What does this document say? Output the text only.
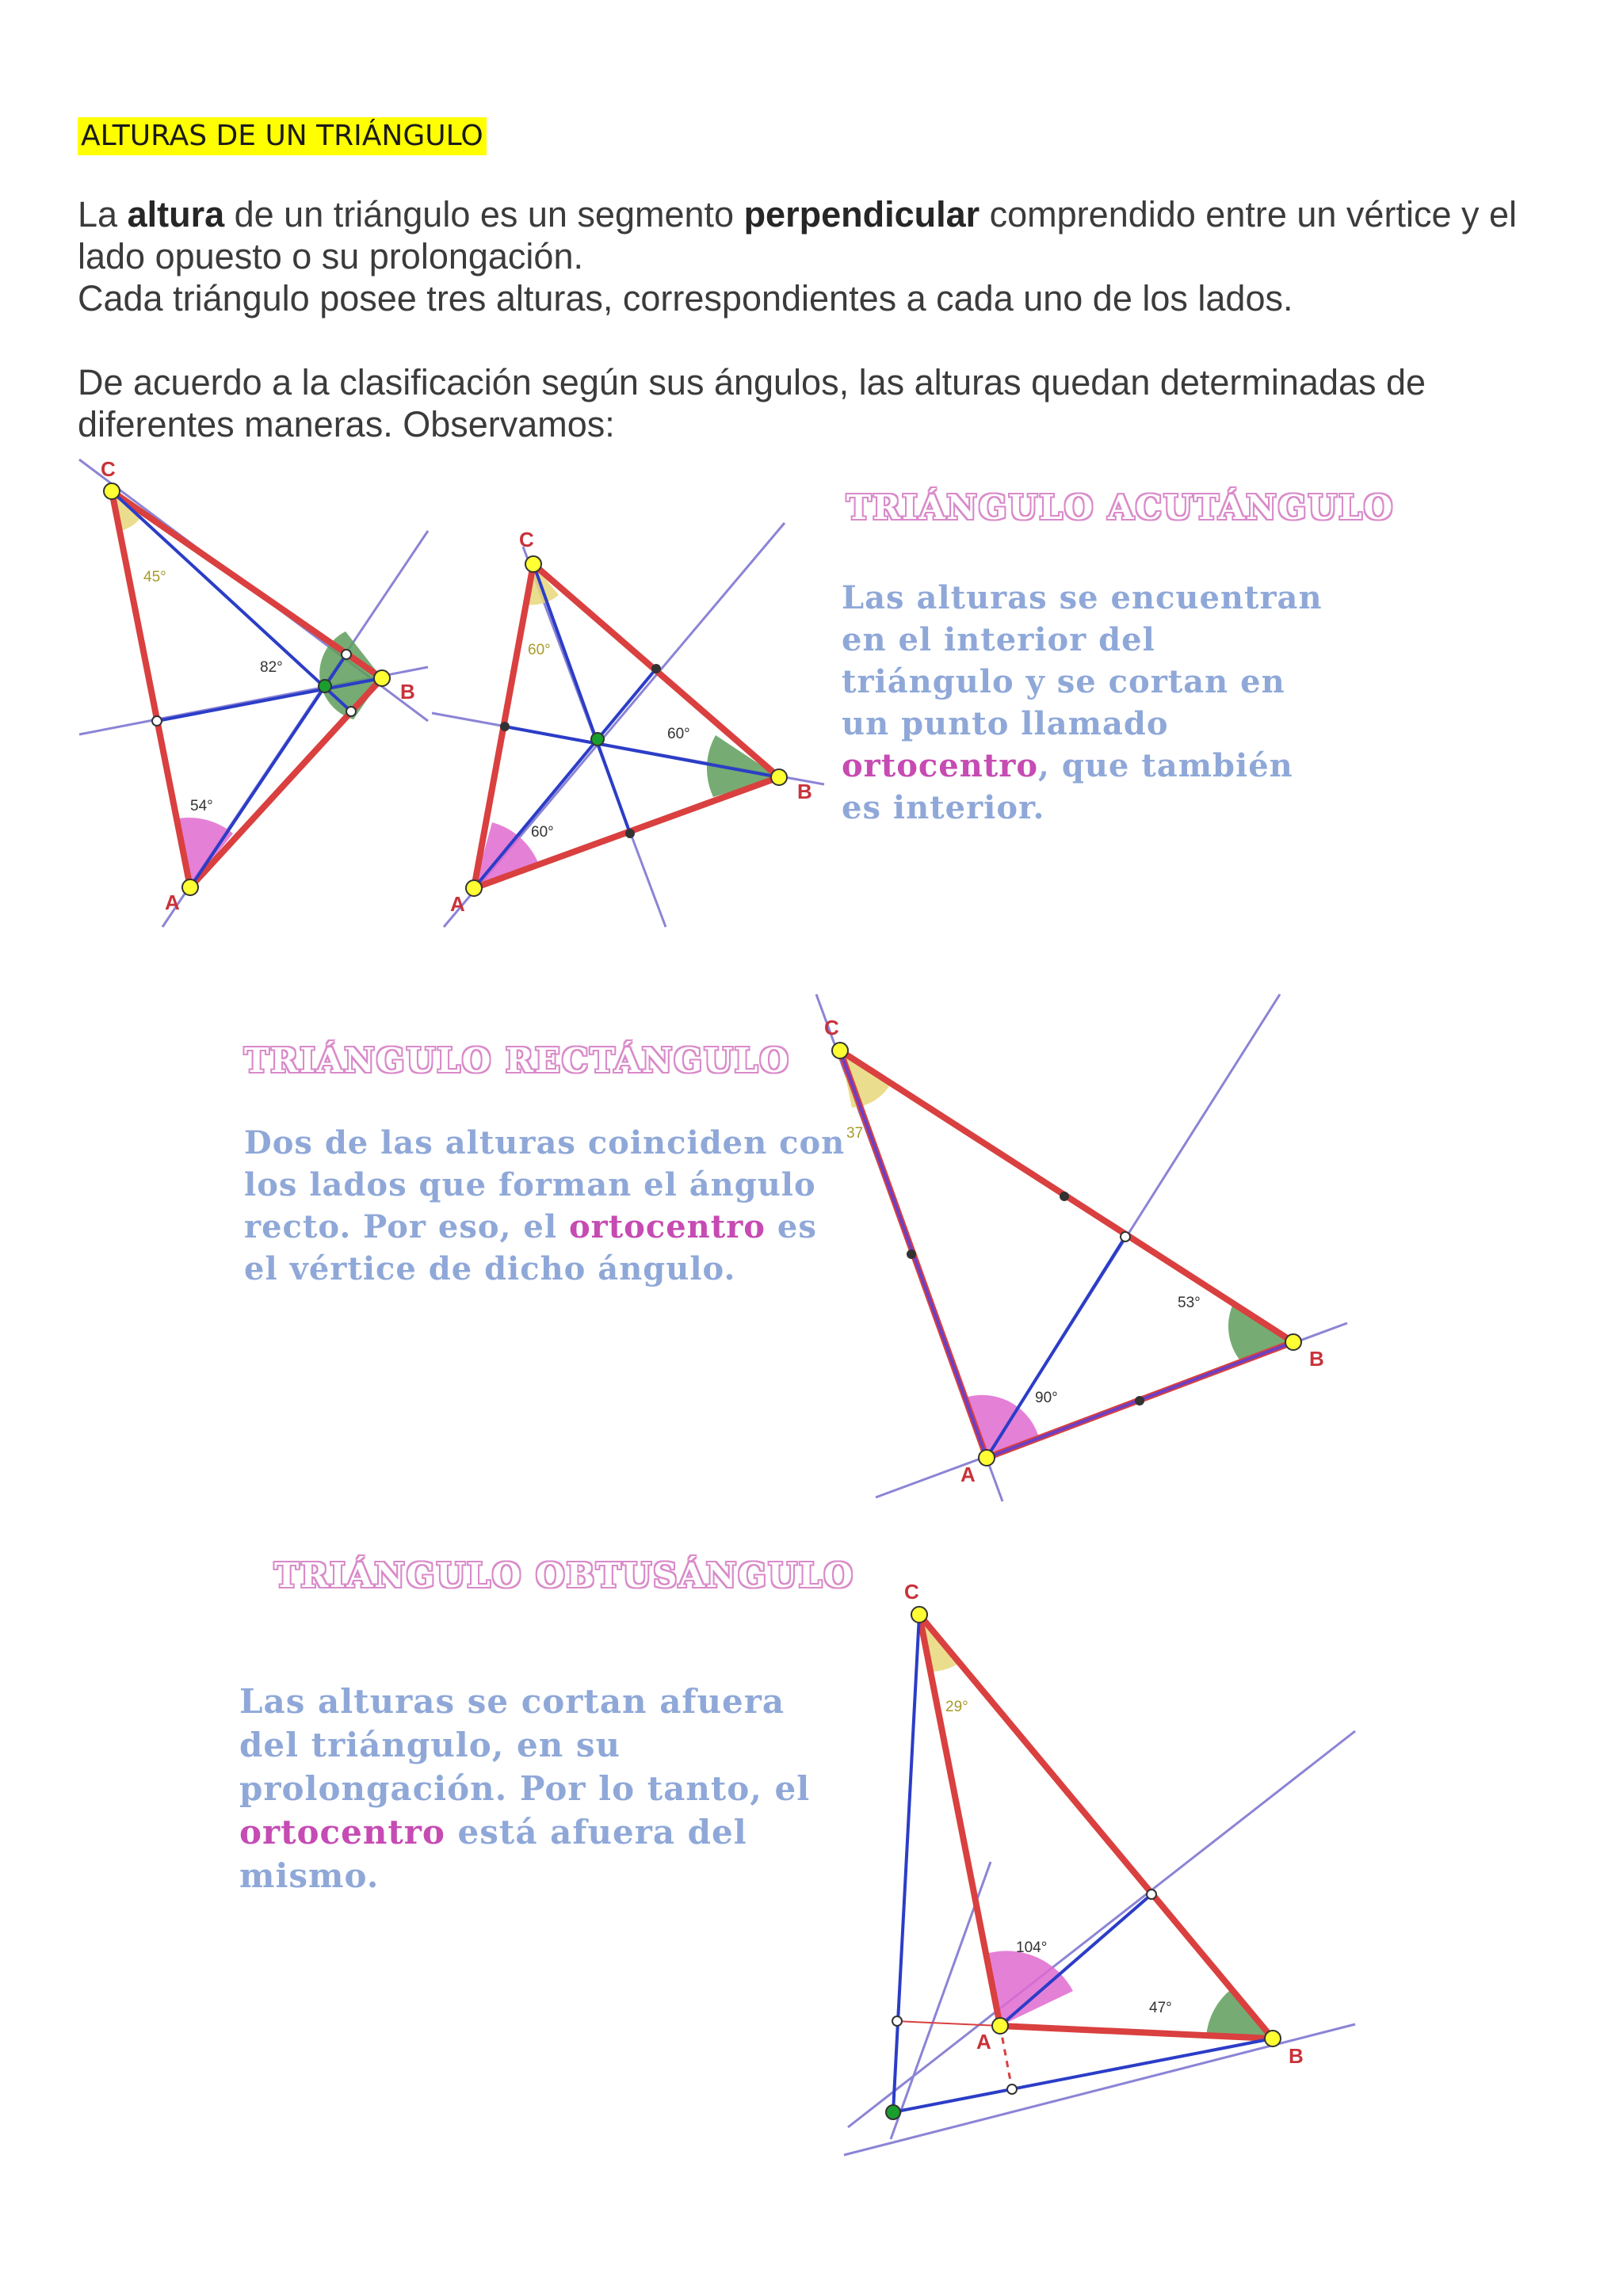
ALTURAS DE UN TRIÁNGULO
La altura de un triángulo es un segmento perpendicular comprendido entre un vértice y el lado opuesto o su prolongación.
Cada triángulo posee tres alturas, correspondientes a cada uno de los lados.
De acuerdo a la clasificación según sus ángulos, las alturas quedan determinadas de diferentes maneras. Observamos:
C
B
A
45°
82°
54°
C
B
A
60°
60°
60°
TRIÁNGULO ACUTÁNGULO
Las alturas se encuentran en el interior del triángulo y se cortan en un punto llamado ortocentro, que también es interior.
TRIÁNGULO RECTÁNGULO
Dos de las alturas coinciden con los lados que forman el ángulo recto. Por eso, el ortocentro es el vértice de dicho ángulo.
C
B
A
37
53°
90°
TRIÁNGULO OBTUSÁNGULO
Las alturas se cortan afuera del triángulo, en su prolongación. Por lo tanto, el ortocentro está afuera del mismo.
C
B
A
29°
104°
47°
